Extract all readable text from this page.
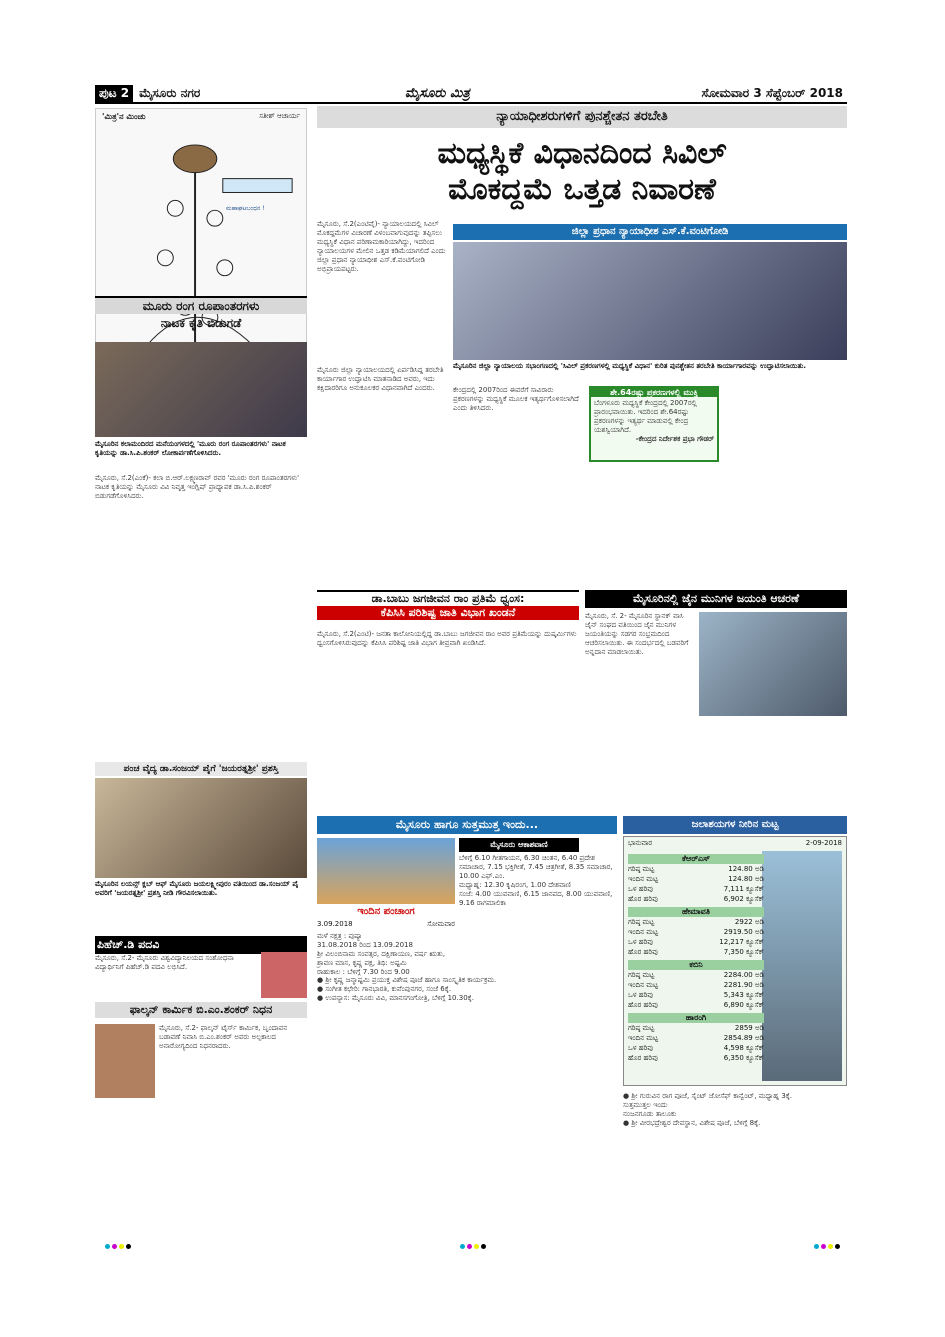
ಪುಟ 2 ಮೈಸೂರು ನಗರ	ಮೈಸೂರು ಮಿತ್ರ	ಸೋಮವಾರ 3 ಸೆಪ್ಟೆಂಬರ್ 2018
'ಮಿತ್ರ'ನ ಮಿಂಚು	ಸತೀಶ್ ಆಚಾರ್ಯ
ಮಹಾಘಟಬಂಧನ !
ಮೂರು ರಂಗ ರೂಪಾಂತರಗಳು
ನಾಟಕ ಕೃತಿ ಬಿಡುಗಡೆ
ಮೈಸೂರಿನ ಕಲಾಮಂದಿರದ ಮನೆಯಂಗಳದಲ್ಲಿ 'ಮೂರು ರಂಗ ರೂಪಾಂತರಗಳು' ನಾಟಕ ಕೃತಿಯನ್ನು ಡಾ.ಸಿ.ಪಿ.ಶಂಕರ್ ಲೋಕಾರ್ಪಣೆಗೊಳಿಸಿದರು.
ಮೈಸೂರು, ಸೆ.2(ಎಂಕೆ)- ಕಲಾ ಬಿ.ಆರ್.ಲಕ್ಷ್ಮಣರಾವ್ ರವರ 'ಮೂರು ರಂಗ ರೂಪಾಂತರಗಳು' ನಾಟಕ ಕೃತಿಯನ್ನು ಮೈಸೂರು ವಿವಿ ನಿವೃತ್ತ ಇಂಗ್ಲಿಷ್ ಪ್ರಾಧ್ಯಾಪಕ ಡಾ.ಸಿ.ಪಿ.ಶಂಕರ್ ಬಿಡುಗಡೆಗೊಳಿಸಿದರು.
ಪಂಚ ವೈದ್ಯ ಡಾ.ಸಂಜಯ್ ಪೈಗೆ 'ಜಯರತ್ನಶ್ರೀ' ಪ್ರಶಸ್ತಿ
ಮೈಸೂರಿನ ಲಯನ್ಸ್ ಕ್ಲಬ್ ಆಫ್ ಮೈಸೂರು ಜಯಲಕ್ಷ್ಮೀಪುರಂ ವತಿಯಿಂದ ಡಾ.ಸಂಜಯ್ ಪೈ ಅವರಿಗೆ 'ಜಯರತ್ನಶ್ರೀ' ಪ್ರಶಸ್ತಿ ನೀಡಿ ಗೌರವಿಸಲಾಯಿತು.
ಪಿಹೆಚ್.ಡಿ ಪದವಿ
ಮೈಸೂರು, ಸೆ.2- ಮೈಸೂರು ವಿಶ್ವವಿದ್ಯಾನಿಲಯದ ಸಂಶೋಧನಾ ವಿದ್ಯಾರ್ಥಿನಿಗೆ ಪಿಹೆಚ್.ಡಿ ಪದವಿ ಲಭಿಸಿದೆ.
ಫಾಲ್ಕನ್ ಕಾರ್ಮಿಕ ಬಿ.ಎಂ.ಶಂಕರ್ ನಿಧನ
ಮೈಸೂರು, ಸೆ.2- ಫಾಲ್ಕನ್ ಟೈರ್ಸ್ ಕಾರ್ಮಿಕ, ಬೃಂದಾವನ ಬಡಾವಣೆ ನಿವಾಸಿ ಬಿ.ಎಂ.ಶಂಕರ್ ಅವರು ಅಲ್ಪಕಾಲದ ಅನಾರೋಗ್ಯದಿಂದ ನಿಧನರಾದರು.
ನ್ಯಾಯಾಧೀಶರುಗಳಿಗೆ ಪುನಶ್ಚೇತನ ತರಬೇತಿ
ಮಧ್ಯಸ್ಥಿಕೆ ವಿಧಾನದಿಂದ ಸಿವಿಲ್
ಮೊಕದ್ದಮೆ ಒತ್ತಡ ನಿವಾರಣೆ
ಮೈಸೂರು, ಸೆ.2(ಎಂಟಿವೈ)- ನ್ಯಾಯಾಲಯದಲ್ಲಿ ಸಿವಿಲ್ ಮೊಕದ್ದಮೆಗಳ ವಿಚಾರಣೆ ವಿಳಂಬವಾಗುವುದನ್ನು ತಪ್ಪಿಸಲು ಮಧ್ಯಸ್ಥಿಕೆ ವಿಧಾನ ಪರಿಣಾಮಕಾರಿಯಾಗಿದ್ದು, ಇದರಿಂದ ನ್ಯಾಯಾಲಯಗಳ ಮೇಲಿನ ಒತ್ತಡ ಕಡಿಮೆಯಾಗಲಿದೆ ಎಂದು ಜಿಲ್ಲಾ ಪ್ರಧಾನ ನ್ಯಾಯಾಧೀಶ ಎಸ್.ಕೆ.ವಂಟಿಗೋಡಿ ಅಭಿಪ್ರಾಯಪಟ್ಟರು.
ಜಿಲ್ಲಾ ಪ್ರಧಾನ ನ್ಯಾಯಾಧೀಶ ಎಸ್.ಕೆ.ವಂಟಿಗೋಡಿ
ಮೈಸೂರಿನ ಜಿಲ್ಲಾ ನ್ಯಾಯಾಲಯ ಸಭಾಂಗಣದಲ್ಲಿ 'ಸಿವಿಲ್ ಪ್ರಕರಣಗಳಲ್ಲಿ ಮಧ್ಯಸ್ಥಿಕೆ ವಿಧಾನ' ಕುರಿತ ಪುನಶ್ಚೇತನ ತರಬೇತಿ ಕಾರ್ಯಾಗಾರವನ್ನು ಉದ್ಘಾಟಿಸಲಾಯಿತು.
ಮೈಸೂರು ಜಿಲ್ಲಾ ನ್ಯಾಯಾಲಯದಲ್ಲಿ ಏರ್ಪಡಿಸಿದ್ದ ತರಬೇತಿ ಕಾರ್ಯಾಗಾರ ಉದ್ಘಾಟಿಸಿ ಮಾತನಾಡಿದ ಅವರು, ಇದು ಕಕ್ಷಿದಾರರಿಗೂ ಅನುಕೂಲಕರ ವಿಧಾನವಾಗಿದೆ ಎಂದರು.	ಕೇಂದ್ರದಲ್ಲಿ 2007ರಿಂದ ಈವರೆಗೆ ಸಾವಿರಾರು ಪ್ರಕರಣಗಳನ್ನು ಮಧ್ಯಸ್ಥಿಕೆ ಮೂಲಕ ಇತ್ಯರ್ಥಗೊಳಿಸಲಾಗಿದೆ ಎಂದು ತಿಳಿಸಿದರು.
ಶೇ.64ರಷ್ಟು ಪ್ರಕರಣಗಳಲ್ಲಿ ಮುಕ್ತಿ
ಬೆಂಗಳೂರು ಮಧ್ಯಸ್ಥಿಕೆ ಕೇಂದ್ರದಲ್ಲಿ 2007ರಲ್ಲಿ ಪ್ರಾರಂಭವಾಯಿತು. ಇದರಿಂದ ಶೇ.64ರಷ್ಟು ಪ್ರಕರಣಗಳನ್ನು ಇತ್ಯರ್ಥ ಮಾಡುವಲ್ಲಿ ಕೇಂದ್ರ ಯಶಸ್ವಿಯಾಗಿದೆ.
-ಕೇಂದ್ರದ ನಿರ್ದೇಶಕ ಪ್ರಭಾ ಗೌಡರ್
ಡಾ.ಬಾಬು ಜಗಜೀವನ ರಾಂ ಪ್ರತಿಮೆ ಧ್ವಂಸ:
ಕೆಪಿಸಿಸಿ ಪರಿಶಿಷ್ಟ ಜಾತಿ ವಿಭಾಗ ಖಂಡನೆ
ಮೈಸೂರು, ಸೆ.2(ಎಂಟಿ)- ಜನತಾ ಕಾಲೋನಿಯಲ್ಲಿದ್ದ ಡಾ.ಬಾಬು ಜಗಜೀವನ ರಾಂ ಅವರ ಪ್ರತಿಮೆಯನ್ನು ದುಷ್ಕರ್ಮಿಗಳು ಧ್ವಂಸಗೊಳಿಸಿರುವುದನ್ನು ಕೆಪಿಸಿಸಿ ಪರಿಶಿಷ್ಟ ಜಾತಿ ವಿಭಾಗ ತೀವ್ರವಾಗಿ ಖಂಡಿಸಿದೆ.
ಮೈಸೂರಿನಲ್ಲಿ ಜೈನ ಮುನಿಗಳ ಜಯಂತಿ ಆಚರಣೆ
ಮೈಸೂರು, ಸೆ. 2- ಮೈಸೂರಿನ ಸ್ಥಾನಕ್ ವಾಸಿ ಜೈನ್ ಸಂಘದ ವತಿಯಿಂದ ಜೈನ ಮುನಿಗಳ ಜಯಂತಿಯನ್ನು ಸಡಗರ ಸಂಭ್ರಮದಿಂದ ಆಚರಿಸಲಾಯಿತು. ಈ ಸಂದರ್ಭದಲ್ಲಿ ಬಡವರಿಗೆ ಅನ್ನದಾನ ಮಾಡಲಾಯಿತು.
ಮೈಸೂರು ಹಾಗೂ ಸುತ್ತಮುತ್ತ ಇಂದು...
ಇಂದಿನ ಪಂಚಾಂಗ
3.09.2018	ಸೋಮವಾರ
ಮಳೆ ನಕ್ಷತ್ರ : ಪುಷ್ಯಾ
31.08.2018 ರಿಂದ 13.09.2018
ಶ್ರೀ ವಿಲಂಬಿನಾಮ ಸಂವತ್ಸರ, ದಕ್ಷಿಣಾಯಣ, ವರ್ಷ ಋತು, ಶ್ರಾವಣ ಮಾಸ, ಕೃಷ್ಣ ಪಕ್ಷ, ತಿಥಿ: ಅಷ್ಟಮಿ
ರಾಹುಕಾಲ : ಬೆಳಿಗ್ಗೆ 7.30 ರಿಂದ 9.00
● ಶ್ರೀ ಕೃಷ್ಣ ಜನ್ಮಾಷ್ಟಮಿ ಪ್ರಯುಕ್ತ ವಿಶೇಷ ಪೂಜೆ ಹಾಗೂ ಸಾಂಸ್ಕೃತಿಕ ಕಾರ್ಯಕ್ರಮ.
● ಸಂಗೀತ ಕಛೇರಿ: ಗಾನಭಾರತಿ, ಕುವೆಂಪುನಗರ, ಸಂಜೆ 6ಕ್ಕೆ.
● ಉಪನ್ಯಾಸ: ಮೈಸೂರು ವಿವಿ, ಮಾನಸಗಂಗೋತ್ರಿ, ಬೆಳಿಗ್ಗೆ 10.30ಕ್ಕೆ.
ಮೈಸೂರು ಆಕಾಶವಾಣಿ
ಬೆಳಿಗ್ಗೆ 6.10 ಗೀತಗಾಯನ, 6.30 ಚಿಂತನ, 6.40 ಪ್ರದೇಶ ಸಮಾಚಾರ, 7.15 ಭಕ್ತಿಗೀತೆ, 7.45 ಚಿತ್ರಗೀತೆ, 8.35 ಸಮಾಚಾರ, 10.00 ಎಫ್.ಎಂ.
ಮಧ್ಯಾಹ್ನ: 12.30 ಕೃಷಿರಂಗ, 1.00 ದೇಶವಾಣಿ
ಸಂಜೆ: 4.00 ಯುವವಾಣಿ, 6.15 ಜಾನಪದ, 8.00 ಯುವವಾಣಿ, 9.16 ರಾಗಮಾಲಿಕಾ
ಜಲಾಶಯಗಳ ನೀರಿನ ಮಟ್ಟ
ಭಾನುವಾರ	2-09-2018
ಕೆಆರ್‌ಎಸ್
ಗರಿಷ್ಠ ಮಟ್ಟ	124.80 ಅಡಿ
ಇಂದಿನ ಮಟ್ಟ	124.80 ಅಡಿ
ಒಳ ಹರಿವು	7,111 ಕ್ಯೂಸೆಕ್
ಹೊರ ಹರಿವು	6,902 ಕ್ಯೂಸೆಕ್
ಹೇಮಾವತಿ
ಗರಿಷ್ಠ ಮಟ್ಟ	2922 ಅಡಿ
ಇಂದಿನ ಮಟ್ಟ	2919.50 ಅಡಿ
ಒಳ ಹರಿವು	12,217 ಕ್ಯೂಸೆಕ್
ಹೊರ ಹರಿವು	7,350 ಕ್ಯೂಸೆಕ್
ಕಬಿನಿ
ಗರಿಷ್ಠ ಮಟ್ಟ	2284.00 ಅಡಿ
ಇಂದಿನ ಮಟ್ಟ	2281.90 ಅಡಿ
ಒಳ ಹರಿವು	5,343 ಕ್ಯೂಸೆಕ್
ಹೊರ ಹರಿವು	6,890 ಕ್ಯೂಸೆಕ್
ಹಾರಂಗಿ
ಗರಿಷ್ಠ ಮಟ್ಟ	2859 ಅಡಿ
ಇಂದಿನ ಮಟ್ಟ	2854.89 ಅಡಿ
ಒಳ ಹರಿವು	4,598 ಕ್ಯೂಸೆಕ್
ಹೊರ ಹರಿವು	6,350 ಕ್ಯೂಸೆಕ್
● ಶ್ರೀ ಗುರುವಿನ ರಾಗ ಪೂಜೆ, ಸೈಂಟ್ ಜೋಸೆಫ್ ಕಾನ್ವೆಂಟ್, ಮಧ್ಯಾಹ್ನ 3ಕ್ಕೆ.
ಸುತ್ತಮುತ್ತಲ ಇಂದು
ನಂಜನಗೂಡು ತಾಲೂಕು
● ಶ್ರೀ ವೀರಭದ್ರೇಶ್ವರ ದೇವಸ್ಥಾನ, ವಿಶೇಷ ಪೂಜೆ, ಬೆಳಿಗ್ಗೆ 8ಕ್ಕೆ.
